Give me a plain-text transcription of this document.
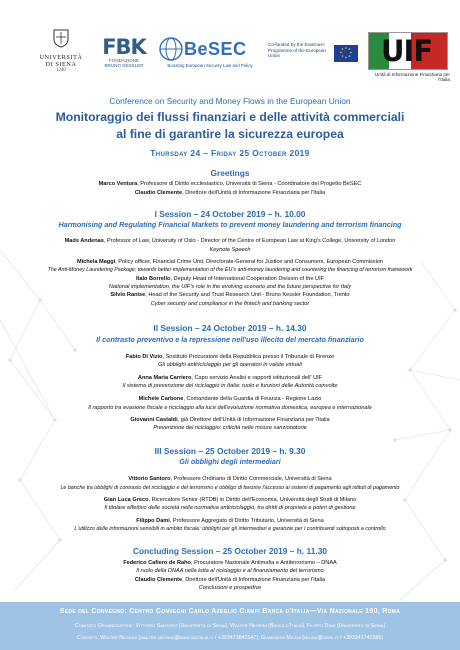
UNIVERSITÀ
DI SIENA
1240
FBK
FONDAZIONE BRUNO KESSLER
BeSEC
Boosting European Security Law and Policy
Co-funded by the Erasmus+ Programme of the European Union	UIF
Unità di Informazione Finanziaria per l'Italia
Conference on Security and Money Flows in the European Union
Monitoraggio dei flussi finanziari e delle attività commerciali
al fine di garantire la sicurezza europea
Thursday 24 – Friday 25 October 2019
Greetings
Marco Ventura, Professore di Diritto ecclesiastico, Università di Siena - Coordinatore del Progetto BeSEC
Claudio Clemente, Direttore dell'Unità di Informazione Finanziaria per l'Italia
I Session – 24 October 2019 – h. 10.00
Harmonising and Regulating Financial Markets to prevent money laundering and terrorism financing
Mads Andenas, Professor of Law, University of Oslo - Director of the Centre of European Law at King's College, University of London
Keynote Speech
Michela Maggi, Policy officer, Financial Crime Unit, Directorate-General for Justice and Consumers, European Commission
The Anti-Money Laundering Package: towards better implementation of the EU's anti-money laundering and countering the financing of terrorism framework
Italo Borrello, Deputy Head of International Cooperation Division of the UIF
National implementation, the UIF's role in the evolving scenario and the future perspective for Italy
Silvio Ranise, Head of the Security and Trust Research Unit - Bruno Kessler Foundation, Trento
Cyber security and compliance in the fintech and banking sector
II Session – 24 October 2019 – h. 14.30
Il contrasto preventivo e la repressione nell'uso illecito del mercato finanziario
Fabio Di Vizio, Sostituto Procuratore della Repubblica presso il Tribunale di Firenze
Gli obblighi antiriciclaggio per gli operatori in valute virtuali
Anna Maria Carriero, Capo servizio Analisi e rapporti istituzionali dell' UIF
Il sistema di prevenzione del riciclaggio in Italia: ruolo e funzioni delle Autorità coinvolte
Michele Carbone, Comandante della Guardia di Finanza - Regione Lazio
Il rapporto tra evasione fiscale e riciclaggio alla luce dell'evoluzione normativa domestica, europea e internazionale
Giovanni Castaldi, già Direttore dell'Unità di Informazione Finanziaria per l'Italia
Prevenzione del riciclaggio: criticità nelle misure sanzionatorie
III Session – 25 October 2019 – h. 9.30
Gli obblighi degli intermediari
Vittorio Santoro, Professore Ordinario di Diritto Commerciale, Università di Siena
Le banche tra obblighi di contrasto del riciclaggio e del terrorismo e obbligo di favorire l'accesso ai sistemi di pagamento agli istituti di pagamento
Gian Luca Greco, Ricercatore Senior (RTDB) in Diritto dell'Economia, Università degli Studi di Milano
Il titolare effettivo delle società nella normativa antiriciclaggio, tra diritti di proprietà e poteri di gestione
Filippo Dami, Professore Aggregato di Diritto Tributario, Università di Siena
L'utilizzo delle informazioni sensibili in ambito fiscale: obblighi per gli intermediari e garanzie per i contribuenti sottoposti a controllo
Concluding Session – 25 October 2019 – h. 11.30
Federico Cafiero de Raho, Procuratore Nazionale Antimafia e Antiterrorismo – DNAA
Il ruolo della DNAA nella lotta al riciclaggio e al finanziamento del terrorismo
Claudio Clemente, Direttore dell'Unità di Informazione Finanziaria per l'Italia
Conclusioni e prospettive
Sede del Convegno: Centro Convegni Carlo Azeglio Ciampi Banca d'Italia—Via Nazionale 190, Roma
Comitato Organizzatore: Vittorio Santoro (Università di Siena), Walter Negrini (Banca d'Italia), Filippo Dami (Università di Siena)
Contatti: Walter Negrini (walter.negrini@bancaditalia.it / +393473841547); Giammaria Milani (milani@unisi.it / +393341741586)
